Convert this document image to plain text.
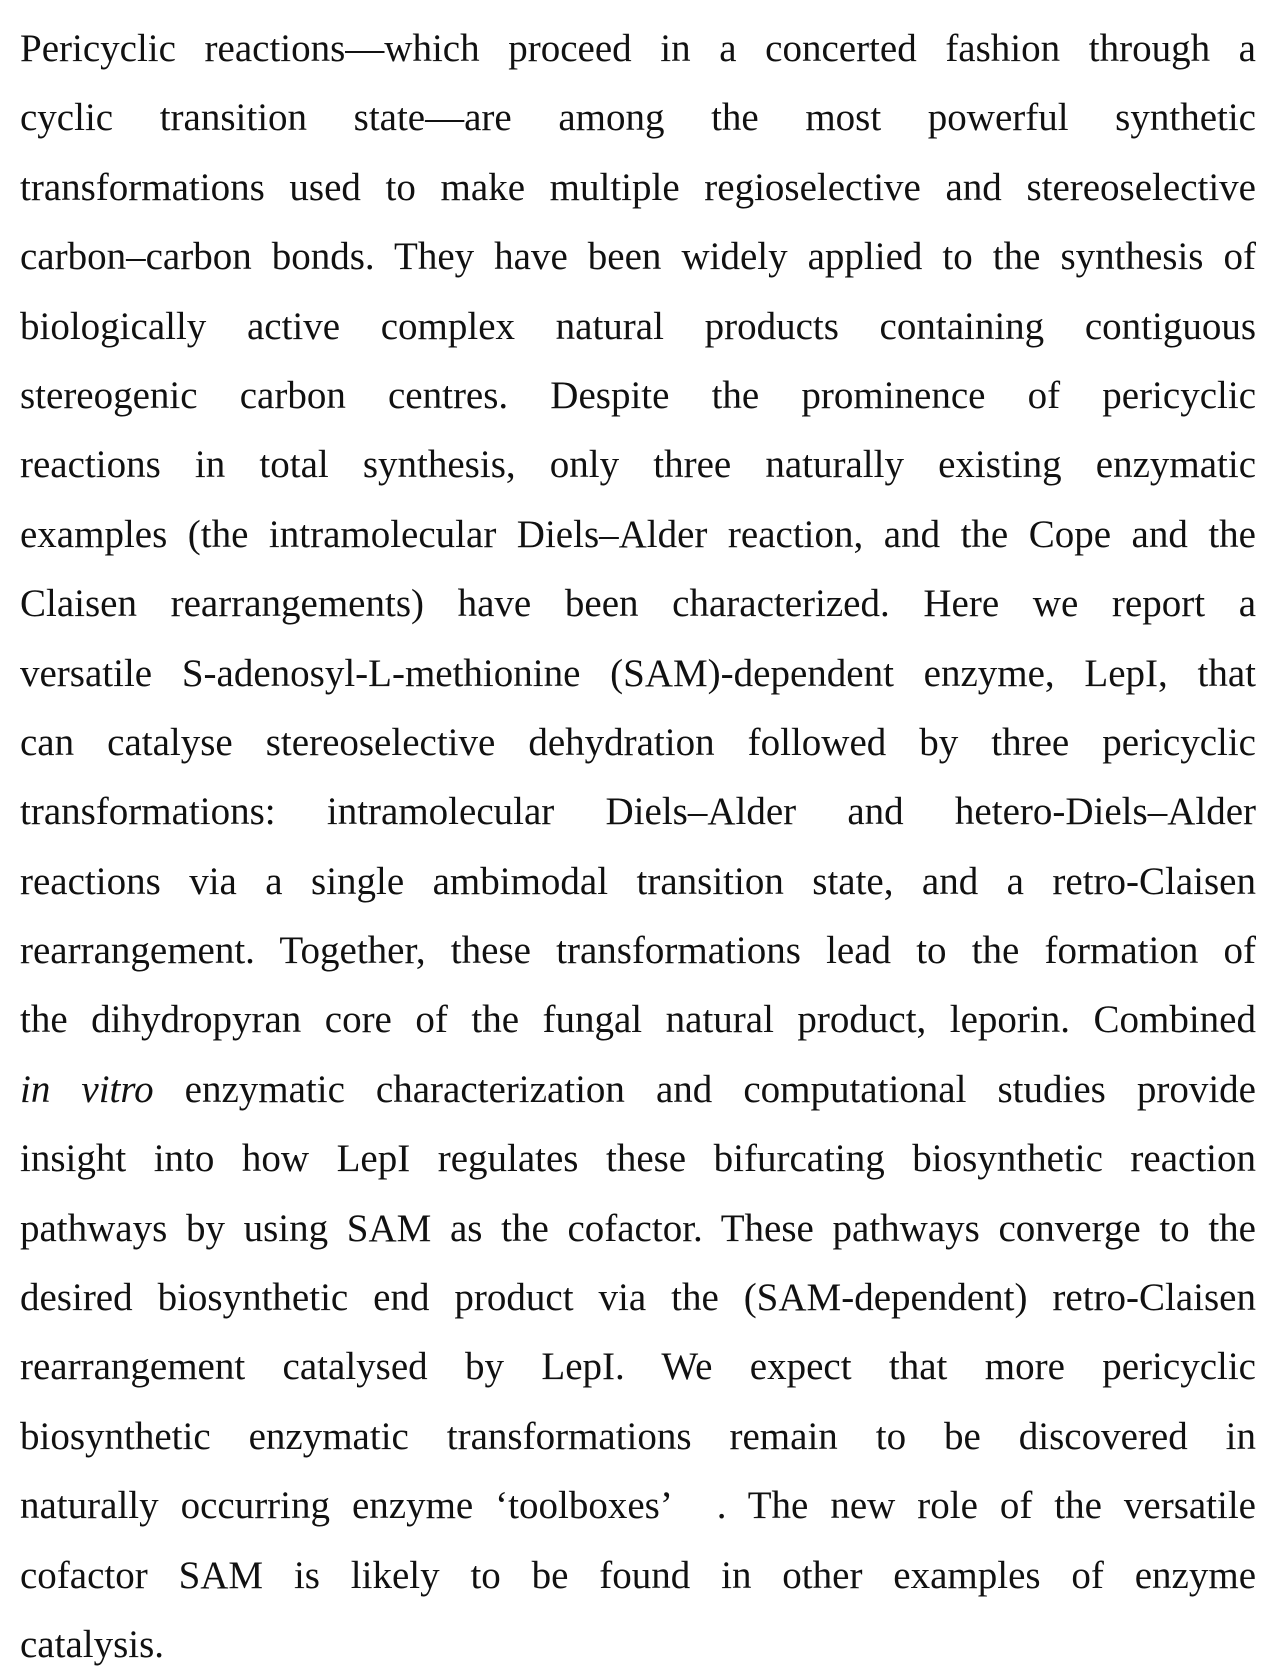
Pericyclic reactions—which proceed in a concerted fashion through a
cyclic transition state—are among the most powerful synthetic
transformations used to make multiple regioselective and stereoselective
carbon–carbon bonds. They have been widely applied to the synthesis of
biologically active complex natural products containing contiguous
stereogenic carbon centres. Despite the prominence of pericyclic
reactions in total synthesis, only three naturally existing enzymatic
examples (the intramolecular Diels–Alder reaction, and the Cope and the
Claisen rearrangements) have been characterized. Here we report a
versatile S-adenosyl-L-methionine (SAM)-dependent enzyme, LepI, that
can catalyse stereoselective dehydration followed by three pericyclic
transformations: intramolecular Diels–Alder and hetero-Diels–Alder
reactions via a single ambimodal transition state, and a retro-Claisen
rearrangement. Together, these transformations lead to the formation of
the dihydropyran core of the fungal natural product, leporin. Combined
in vitro enzymatic characterization and computational studies provide
insight into how LepI regulates these bifurcating biosynthetic reaction
pathways by using SAM as the cofactor. These pathways converge to the
desired biosynthetic end product via the (SAM-dependent) retro-Claisen
rearrangement catalysed by LepI. We expect that more pericyclic
biosynthetic enzymatic transformations remain to be discovered in
naturally occurring enzyme ‘toolboxes’  . The new role of the versatile
cofactor SAM is likely to be found in other examples of enzyme
catalysis.
